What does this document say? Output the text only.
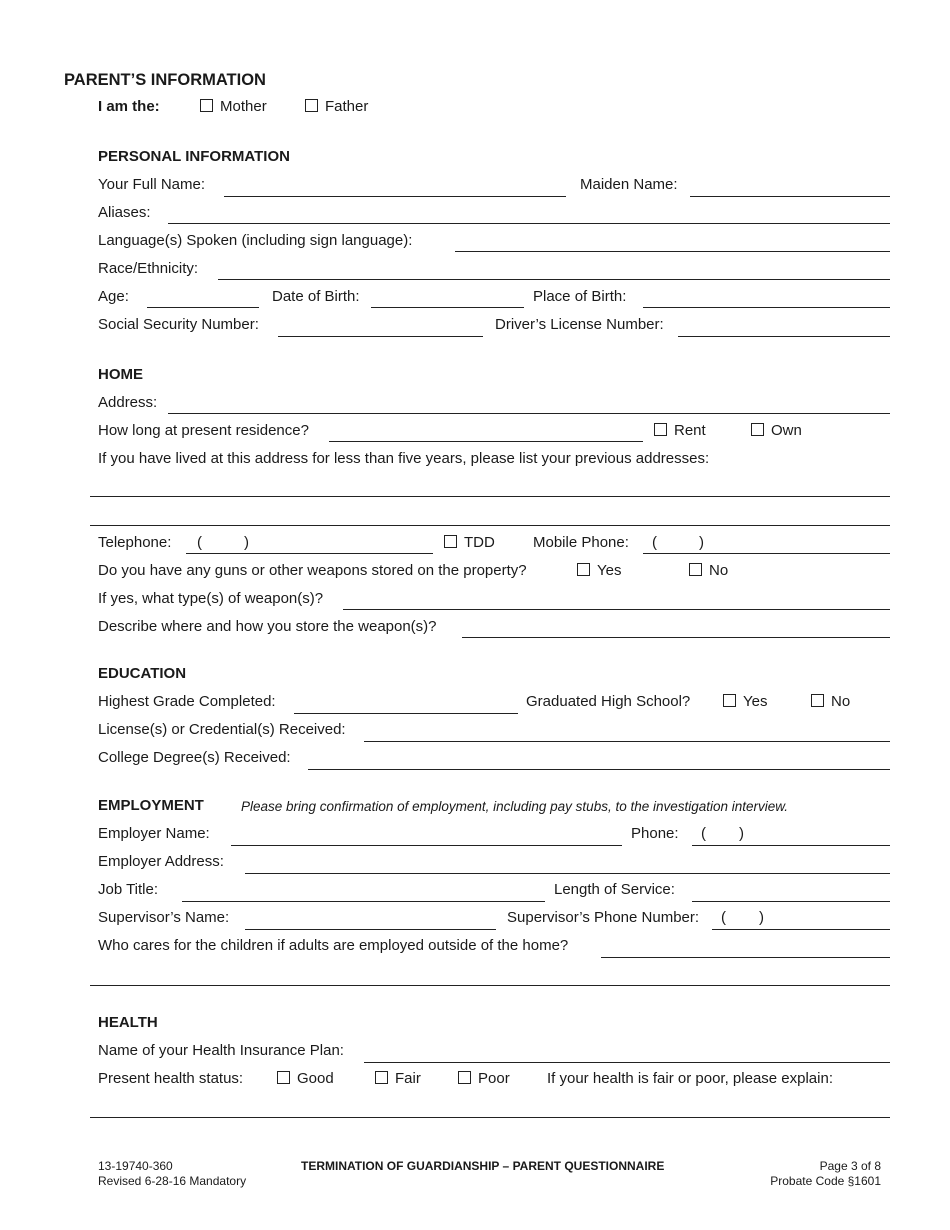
PARENT’S INFORMATION
I am the:	Mother	Father
PERSONAL INFORMATION
Your Full Name:	Maiden Name:
Aliases:
Language(s) Spoken (including sign language):
Race/Ethnicity:
Age:	Date of Birth:	Place of Birth:
Social Security Number:	Driver’s License Number:
HOME
Address:
How long at present residence?	Rent	Own
If you have lived at this address for less than five years, please list your previous addresses:
Telephone: (	)	TDD	Mobile Phone: (	)
Do you have any guns or other weapons stored on the property?	Yes	No
If yes, what type(s) of weapon(s)?
Describe where and how you store the weapon(s)?
EDUCATION
Highest Grade Completed:	Graduated High School?	Yes	No
License(s) or Credential(s) Received:
College Degree(s) Received:
EMPLOYMENT	Please bring confirmation of employment, including pay stubs, to the investigation interview.
Employer Name:	Phone: ( )
Employer Address:
Job Title:	Length of Service:
Supervisor’s Name:	Supervisor’s Phone Number: ( )
Who cares for the children if adults are employed outside of the home?
HEALTH
Name of your Health Insurance Plan:
Present health status:	Good	Fair	Poor If your health is fair or poor, please explain:
13-19740-360
Revised 6-28-16 Mandatory
TERMINATION OF GUARDIANSHIP – PARENT QUESTIONNAIRE	Page 3 of 8
Probate Code §1601
